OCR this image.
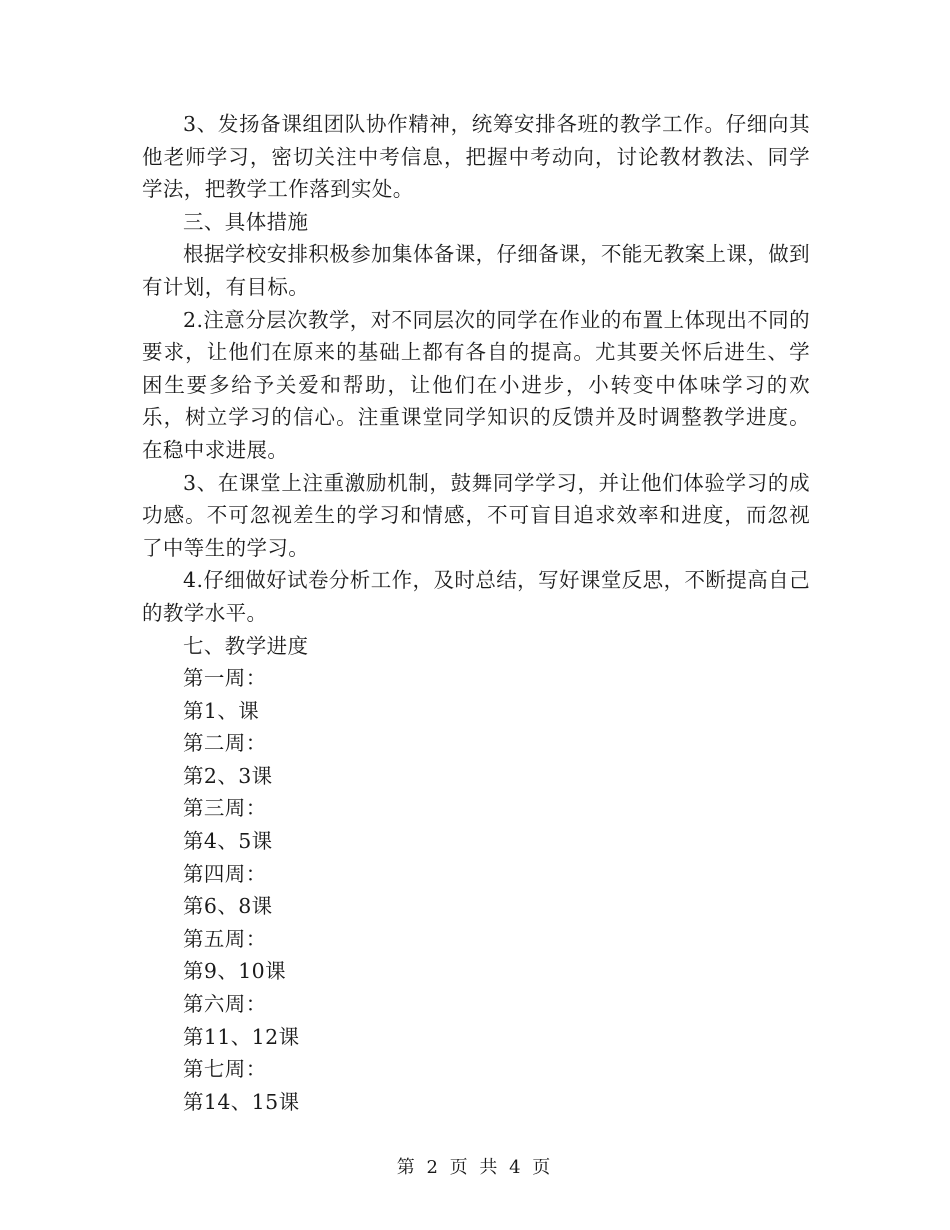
3、发扬备课组团队协作精神，统筹安排各班的教学工作。仔细向其他老师学习，密切关注中考信息，把握中考动向，讨论教材教法、同学学法，把教学工作落到实处。

三、具体措施

根据学校安排积极参加集体备课，仔细备课，不能无教案上课，做到有计划，有目标。

2.注意分层次教学，对不同层次的同学在作业的布置上体现出不同的要求，让他们在原来的基础上都有各自的提高。尤其要关怀后进生、学困生要多给予关爱和帮助，让他们在小进步，小转变中体味学习的欢乐，树立学习的信心。注重课堂同学知识的反馈并及时调整教学进度。在稳中求进展。

3、在课堂上注重激励机制，鼓舞同学学习，并让他们体验学习的成功感。不可忽视差生的学习和情感，不可盲目追求效率和进度，而忽视了中等生的学习。

4.仔细做好试卷分析工作，及时总结，写好课堂反思，不断提高自己的教学水平。

七、教学进度

第一周：

第1、课

第二周：

第2、3课

第三周：

第4、5课

第四周：

第6、8课

第五周：

第9、10课

第六周：

第11、12课

第七周：

第14、15课

第 2 页 共 4 页
